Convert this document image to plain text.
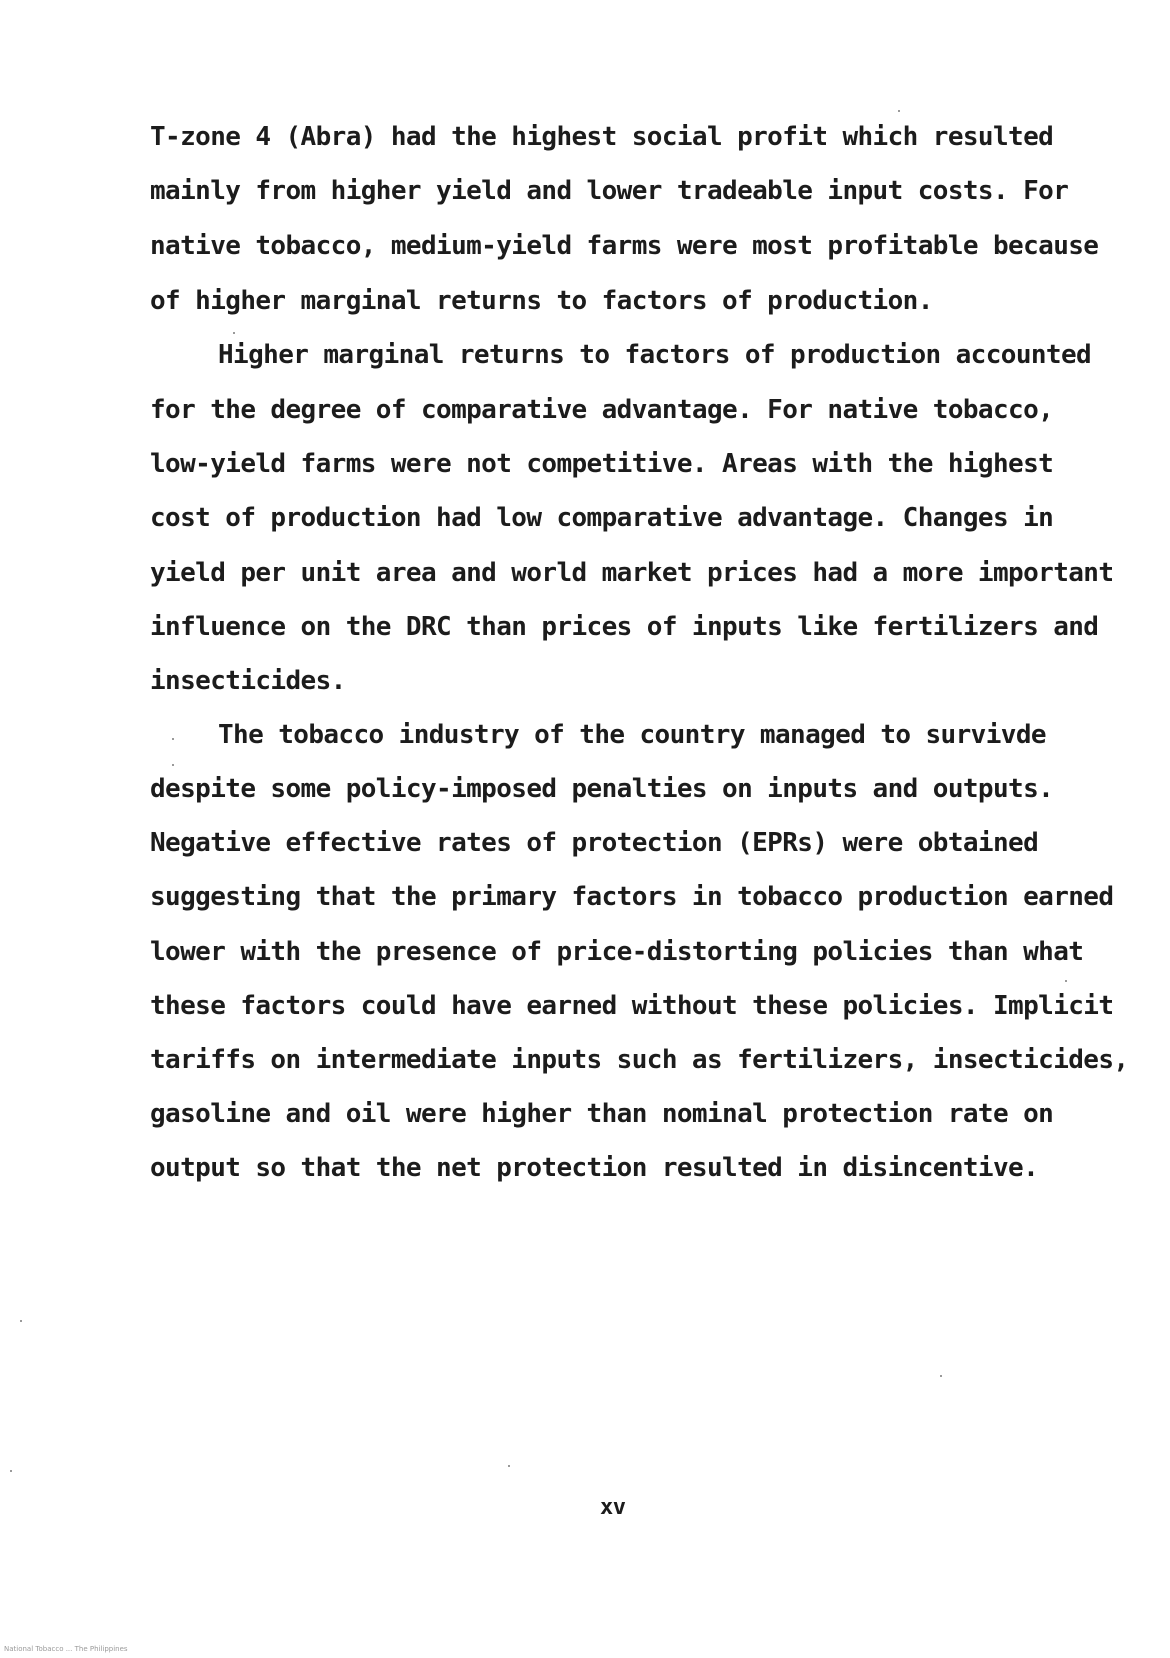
T-zone 4 (Abra) had the highest social profit which resulted
mainly from higher yield and lower tradeable input costs. For
native tobacco, medium-yield farms were most profitable because
of higher marginal returns to factors of production.
Higher marginal returns to factors of production accounted
for the degree of comparative advantage. For native tobacco,
low-yield farms were not competitive. Areas with the highest
cost of production had low comparative advantage. Changes in
yield per unit area and world market prices had a more important
influence on the DRC than prices of inputs like fertilizers and
insecticides.
The tobacco industry of the country managed to survivde
despite some policy-imposed penalties on inputs and outputs.
Negative effective rates of protection (EPRs) were obtained
suggesting that the primary factors in tobacco production earned
lower with the presence of price-distorting policies than what
these factors could have earned without these policies. Implicit
tariffs on intermediate inputs such as fertilizers, insecticides,
gasoline and oil were higher than nominal protection rate on
output so that the net protection resulted in disincentive.
xv
National Tobacco ... The Philippines
